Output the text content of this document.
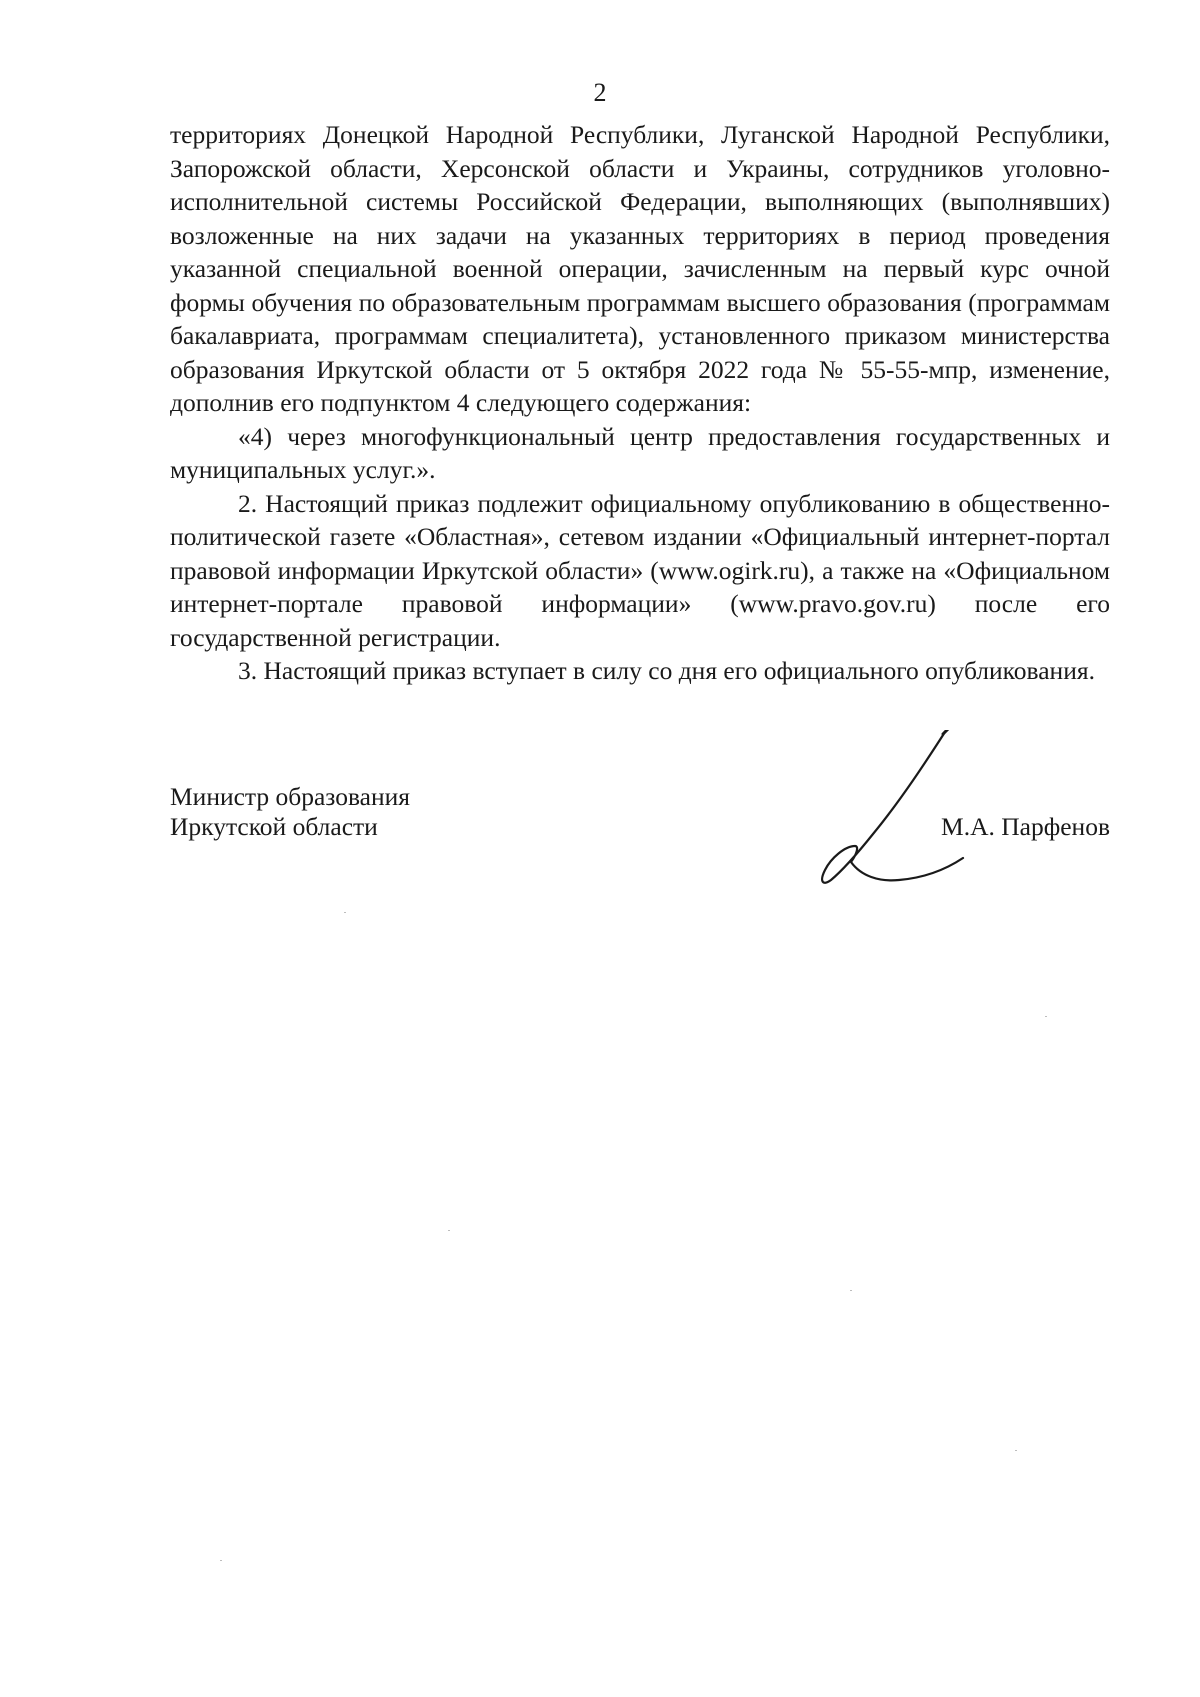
2

территориях Донецкой Народной Республики, Луганской Народной Республики, Запорожской области, Херсонской области и Украины, сотрудников уголовно-исполнительной системы Российской Федерации, выполняющих (выполнявших) возложенные на них задачи на указанных территориях в период проведения указанной специальной военной операции, зачисленным на первый курс очной формы обучения по образовательным программам высшего образования (программам бакалавриата, программам специалитета), установленного приказом министерства образования Иркутской области от 5 октября 2022 года № 55-55-мпр, изменение, дополнив его подпунктом 4 следующего содержания:

«4) через многофункциональный центр предоставления государственных и муниципальных услуг.».

2. Настоящий приказ подлежит официальному опубликованию в общественно-политической газете «Областная», сетевом издании «Официальный интернет-портал правовой информации Иркутской области» (www.ogirk.ru), а также на «Официальном интернет-портале правовой информации» (www.pravo.gov.ru) после его государственной регистрации.

3. Настоящий приказ вступает в силу со дня его официального опубликования.

Министр образования
Иркутской области	М.А. Парфенов
